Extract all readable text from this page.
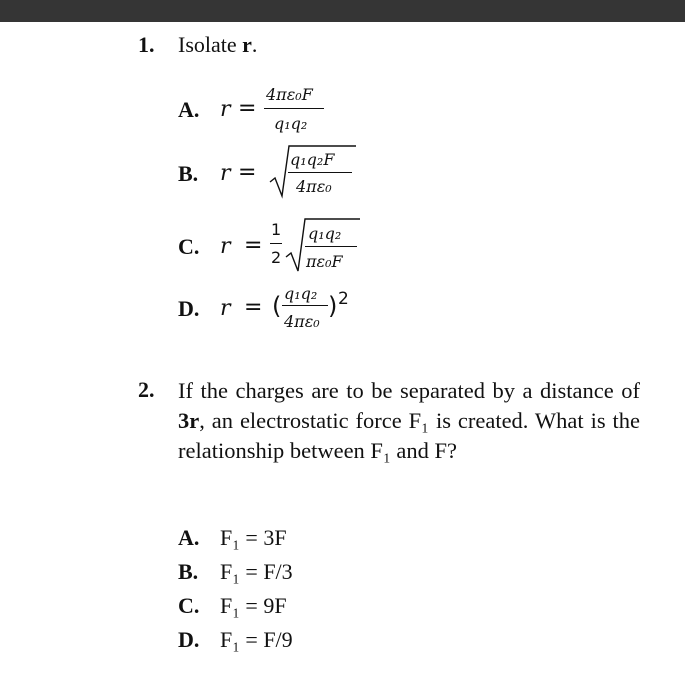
1. Isolate r.
A. r =
4πε₀F
q₁q₂
B. r =
q₁q₂F
4πε₀
C. r =
1
2
q₁q₂
πε₀F
D. r = ( q₁q₂
4πε₀
) 2
2. If the charges are to be separated by a distance of 3r, an electrostatic force F₁ is created. What is the relationship between F₁ and F?
A. F₁ = 3F
B. F₁ = F/3
C. F₁ = 9F
D. F₁ = F/9
